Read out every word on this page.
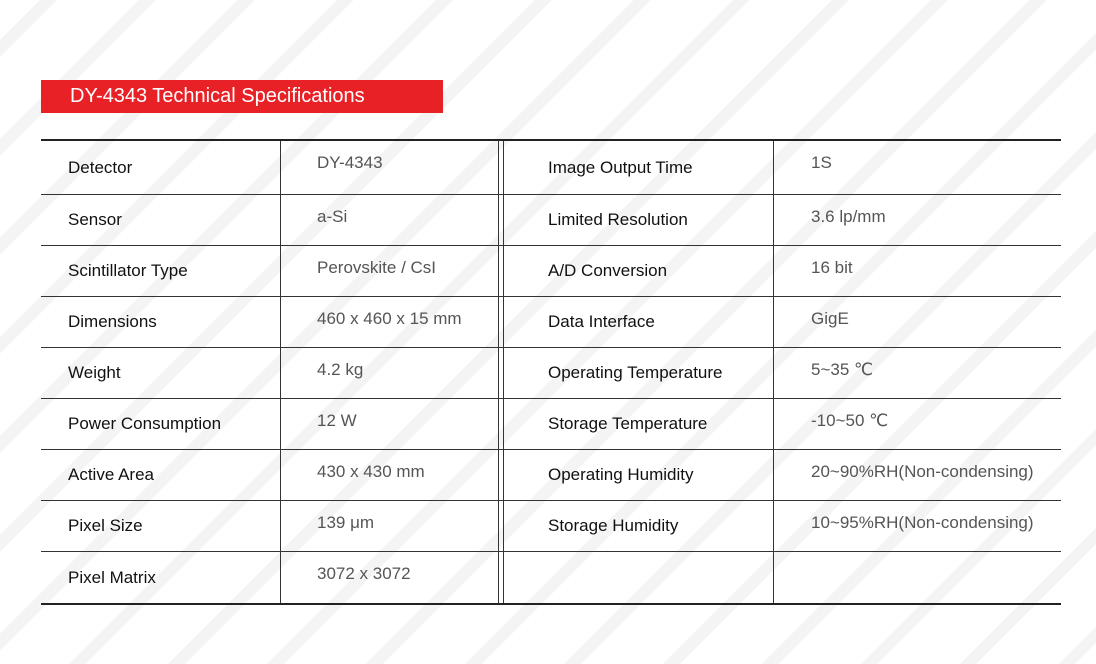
DY-4343 Technical Specifications
Detector	DY-4343	Image Output Time	1S
Sensor	a-Si	Limited Resolution	3.6 lp/mm
Scintillator Type	Perovskite / CsI	A/D Conversion	16 bit
Dimensions	460 x 460 x 15 mm	Data Interface	GigE
Weight	4.2 kg	Operating Temperature	5~35 ℃
Power Consumption	12 W	Storage Temperature	-10~50 ℃
Active Area	430 x 430 mm	Operating Humidity	20~90%RH(Non-condensing)
Pixel Size	139 μm	Storage Humidity	10~95%RH(Non-condensing)
Pixel Matrix	3072 x 3072
